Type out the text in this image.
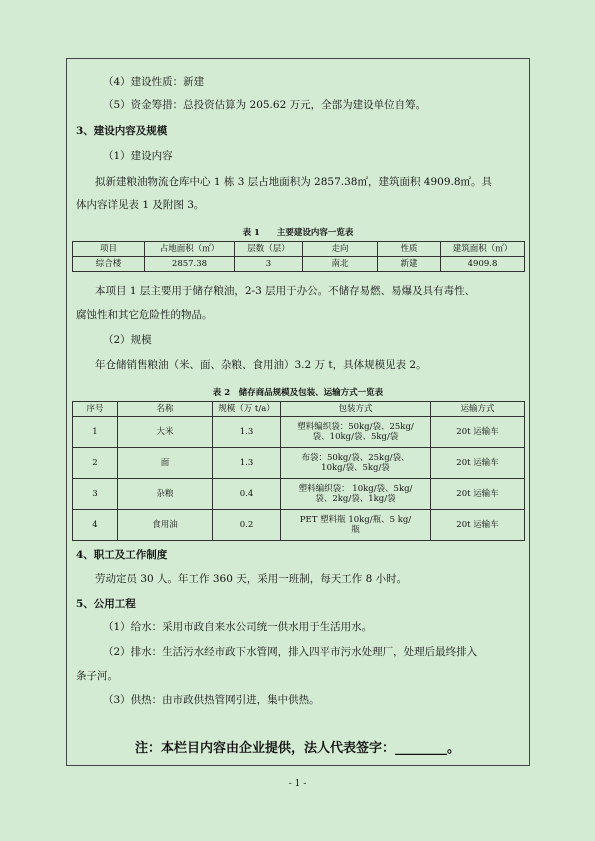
（4）建设性质：新建
（5）资金筹措：总投资估算为 205.62 万元，全部为建设单位自筹。
3、建设内容及规模
（1）建设内容
拟新建粮油物流仓库中心 1 栋 3 层占地面积为 2857.38㎡，建筑面积 4909.8㎡。具
体内容详见表 1 及附图 3。
表 1　　主要建设内容一览表
项目	占地面积（㎡）	层数（层）	走向	性质	建筑面积（㎡）
综合楼	2857.38	3	南北	新建	4909.8
本项目 1 层主要用于储存粮油，2-3 层用于办公。不储存易燃、易爆及具有毒性、
腐蚀性和其它危险性的物品。
（2）规模
年仓储销售粮油（米、面、杂粮、食用油）3.2 万 t，具体规模见表 2。
表 2　储存商品规模及包装、运输方式一览表
序号	名称	规模（万 t/a）	包装方式	运输方式
1	大米	1.3	塑料编织袋：50kg/袋、25kg/
袋、10kg/袋、5kg/袋	20t 运输车
2	面	1.3	布袋：50kg/袋、25kg/袋、
10kg/袋、5kg/袋	20t 运输车
3	杂粮	0.4	塑料编织袋： 10kg/袋、5kg/
袋、2kg/袋、1kg/袋	20t 运输车
4	食用油	0.2	PET 塑料瓶 10kg/瓶、5 kg/
瓶	20t 运输车
4、职工及工作制度
劳动定员 30 人。年工作 360 天，采用一班制，每天工作 8 小时。
5、公用工程
（1）给水：采用市政自来水公司统一供水用于生活用水。
（2）排水：生活污水经市政下水管网，排入四平市污水处理厂，处理后最终排入
条子河。
（3）供热：由市政供热管网引进，集中供热。
注：本栏目内容由企业提供，法人代表签字：________。
- 1 -
